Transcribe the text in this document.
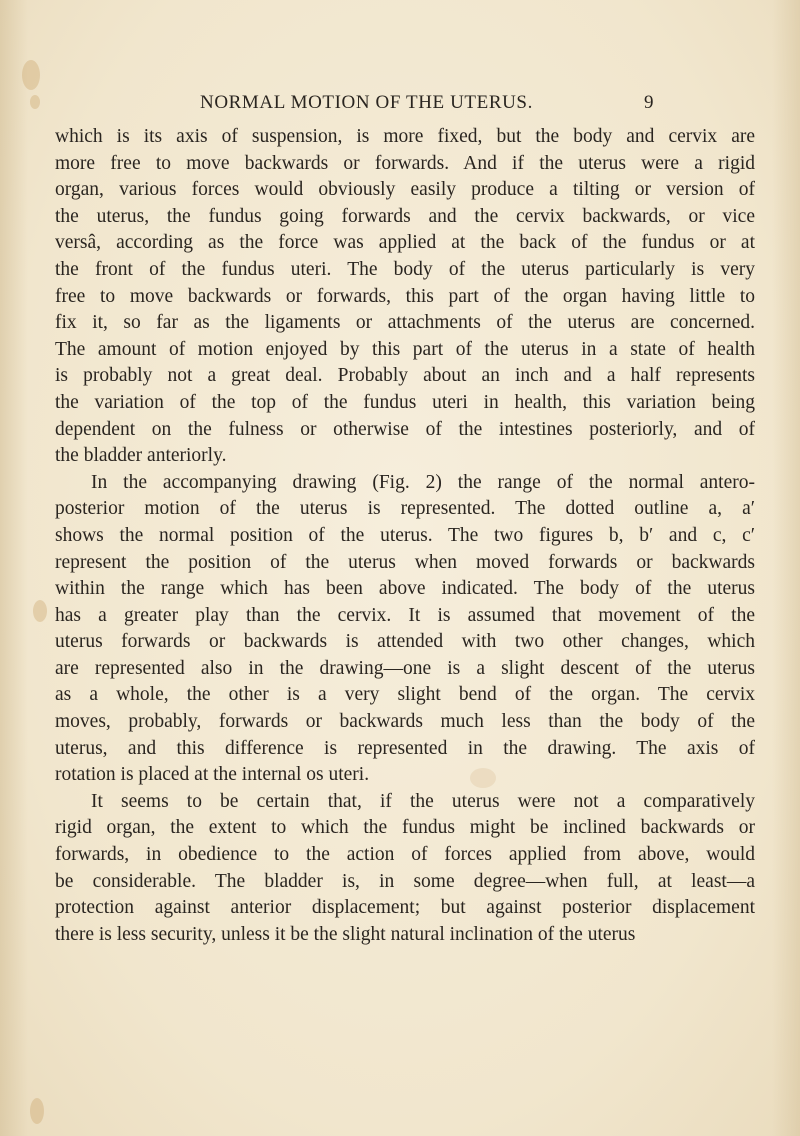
NORMAL MOTION OF THE UTERUS.	9
which is its axis of suspension, is more fixed, but the body and cervix are
more free to move backwards or forwards. And if the uterus were a rigid
organ, various forces would obviously easily produce a tilting or version of
the uterus, the fundus going forwards and the cervix backwards, or vice
versâ, according as the force was applied at the back of the fundus or at
the front of the fundus uteri. The body of the uterus particularly is very
free to move backwards or forwards, this part of the organ having little to
fix it, so far as the ligaments or attachments of the uterus are concerned.
The amount of motion enjoyed by this part of the uterus in a state of health
is probably not a great deal. Probably about an inch and a half represents
the variation of the top of the fundus uteri in health, this variation being
dependent on the fulness or otherwise of the intestines posteriorly, and of
the bladder anteriorly.
In the accompanying drawing (Fig. 2) the range of the normal antero-
posterior motion of the uterus is represented. The dotted outline a, a′
shows the normal position of the uterus. The two figures b, b′ and c, c′
represent the position of the uterus when moved forwards or backwards
within the range which has been above indicated. The body of the uterus
has a greater play than the cervix. It is assumed that movement of the
uterus forwards or backwards is attended with two other changes, which
are represented also in the drawing—one is a slight descent of the uterus
as a whole, the other is a very slight bend of the organ. The cervix
moves, probably, forwards or backwards much less than the body of the
uterus, and this difference is represented in the drawing. The axis of
rotation is placed at the internal os uteri.
It seems to be certain that, if the uterus were not a comparatively
rigid organ, the extent to which the fundus might be inclined backwards or
forwards, in obedience to the action of forces applied from above, would
be considerable. The bladder is, in some degree—when full, at least—a
protection against anterior displacement; but against posterior displacement
there is less security, unless it be the slight natural inclination of the uterus
